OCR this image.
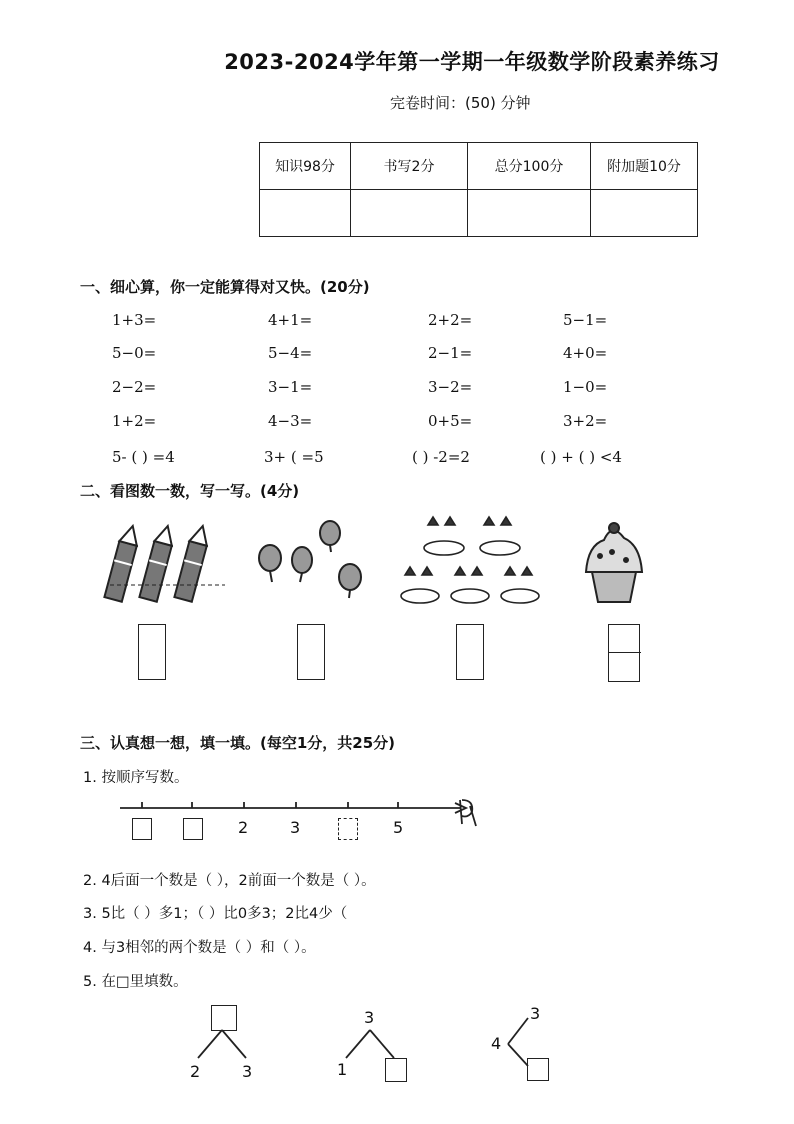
2023-2024学年第一学期一年级数学阶段素养练习
完卷时间：(50) 分钟
知识98分	书写2分	总分100分	附加题10分

一、细心算，你一定能算得对又快。(20分)
1+3=	4+1=	2+2=	5−1=
5−0=	5−4=	2−1=	4+0=
2−2=	3−1=	3−2=	1−0=
1+2=	4−3=	0+5=	3+2=
5- ( ) =4	3+ ( =5	( ) -2=2	( ) + ( ) <4
二、看图数一数，写一写。(4分)
三、认真想一想，填一填。(每空1分，共25分)
1. 按顺序写数。
2	3	5
2. 4后面一个数是（ ），2前面一个数是（ ）。
3. 5比（ ）多1；（ ）比0多3；2比4少（
4. 与3相邻的两个数是（ ）和（ ）。
5. 在□里填数。
2	3
3
1
3
4
